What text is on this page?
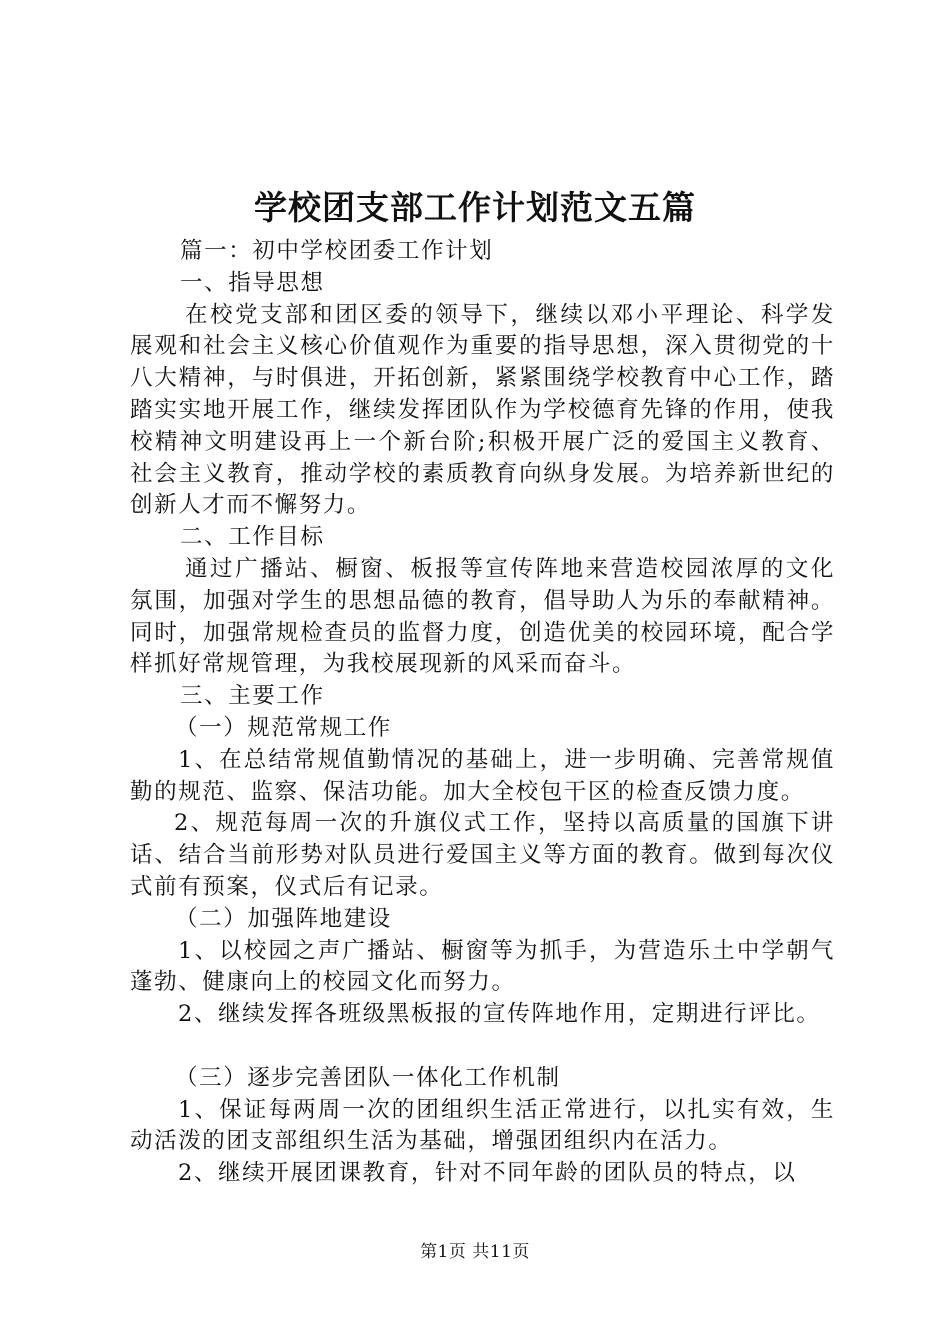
学校团支部工作计划范文五篇

篇一：初中学校团委工作计划

一、指导思想

在校党支部和团区委的领导下，继续以邓小平理论、科学发展观和社会主义核心价值观作为重要的指导思想，深入贯彻党的十八大精神，与时俱进，开拓创新，紧紧围绕学校教育中心工作，踏踏实实地开展工作，继续发挥团队作为学校德育先锋的作用，使我校精神文明建设再上一个新台阶;积极开展广泛的爱国主义教育、社会主义教育，推动学校的素质教育向纵身发展。为培养新世纪的创新人才而不懈努力。

二、工作目标

通过广播站、橱窗、板报等宣传阵地来营造校园浓厚的文化氛围，加强对学生的思想品德的教育，倡导助人为乐的奉献精神。同时，加强常规检查员的监督力度，创造优美的校园环境，配合学样抓好常规管理，为我校展现新的风采而奋斗。

三、主要工作

（一）规范常规工作

1、在总结常规值勤情况的基础上，进一步明确、完善常规值勤的规范、监察、保洁功能。加大全校包干区的检查反馈力度。

2、规范每周一次的升旗仪式工作，坚持以高质量的国旗下讲话、结合当前形势对队员进行爱国主义等方面的教育。做到每次仪式前有预案，仪式后有记录。

（二）加强阵地建设

1、以校园之声广播站、橱窗等为抓手，为营造乐土中学朝气蓬勃、健康向上的校园文化而努力。

2、继续发挥各班级黑板报的宣传阵地作用，定期进行评比。

（三）逐步完善团队一体化工作机制

1、保证每两周一次的团组织生活正常进行，以扎实有效，生动活泼的团支部组织生活为基础，增强团组织内在活力。

2、继续开展团课教育，针对不同年龄的团队员的特点，以

第1页 共11页
